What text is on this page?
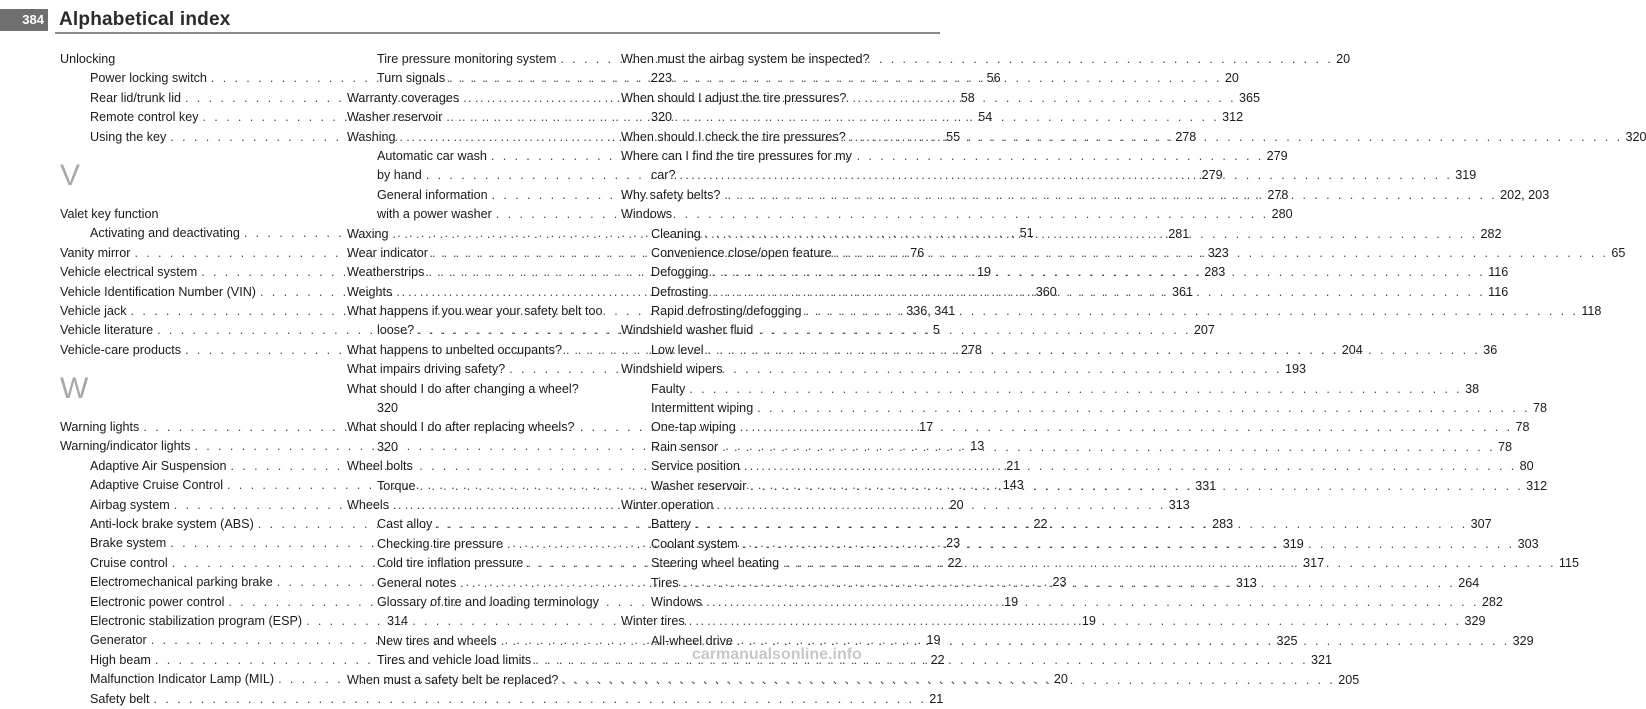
384 Alphabetical index
Unlocking
Power locking switch . . .	56
Rear lid/trunk lid . . .	58
Remote control key . . .	54
Using the key . . .	55
V
Valet key function
Activating and deactivating . . .	51
Vanity mirror . . .	76
Vehicle electrical system . . .	19
Vehicle Identification Number (VIN) . . .	360
Vehicle jack . . .	336, 341
Vehicle literature . . .	5
Vehicle-care products . . .	278
W
Warning lights . . .	17
Warning/indicator lights . . .	13
Adaptive Air Suspension . . .	21
Adaptive Cruise Control . . .	143
Airbag system . . .	20
Anti-lock brake system (ABS) . . .	22
Brake system . . .	23
Cruise control . . .	22
Electromechanical parking brake . . .	23
Electronic power control . . .	19
Electronic stabilization program (ESP) . . .	19
Generator . . .	19
High beam . . .	22
Malfunction Indicator Lamp (MIL) . . .	20
Safety belt . . .	21
Tire pressure monitoring system . . .	20
Turn signals . . .	20
Warranty coverages . . .	365
Washer reservoir . . .	312
Washing . . .	278
Automatic car wash . . .	279
by hand . . .	279
General information . . .	278
with a power washer . . .	280
Waxing . . .	281
Wear indicator . . .	323
Weatherstrips . . .	283
Weights . . .	361
What happens if you wear your safety belt too
loose? . . .	207
What happens to unbelted occupants? . . .	204
What impairs driving safety? . . .	193
What should I do after changing a wheel?
320
What should I do after replacing wheels?
320
Wheel bolts
Torque . . .	331
Wheels . . .	313
Cast alloy . . .	283
Checking tire pressure . . .	319
Cold tire inflation pressure . . .	317
General notes . . .	313
Glossary of tire and loading terminology
314
New tires and wheels . . .	325
Tires and vehicle load limits . . .	321
When must a safety belt be replaced? . . .	205
When must the airbag system be inspected?
223
When should I adjust the tire pressures?
320
When should I check the tire pressures? . . .	320
Where can I find the tire pressures for my
car? . . .	319
Why safety belts? . . .	202, 203
Windows
Cleaning . . .	282
Convenience close/open feature . . .	65
Defogging . . .	116
Defrosting . . .	116
Rapid defrosting/defogging . . .	118
Windshield washer fluid
Low level . . .	36
Windshield wipers
Faulty . . .	38
Intermittent wiping . . .	78
One-tap wiping . . .	78
Rain sensor . . .	78
Service position . . .	80
Washer reservoir . . .	312
Winter operation
Battery . . .	307
Coolant system . . .	303
Steering wheel heating . . .	115
Tires . . .	264
Windows . . .	282
Winter tires . . .	329
All-wheel drive . . .	329
carmanualsonline.info
